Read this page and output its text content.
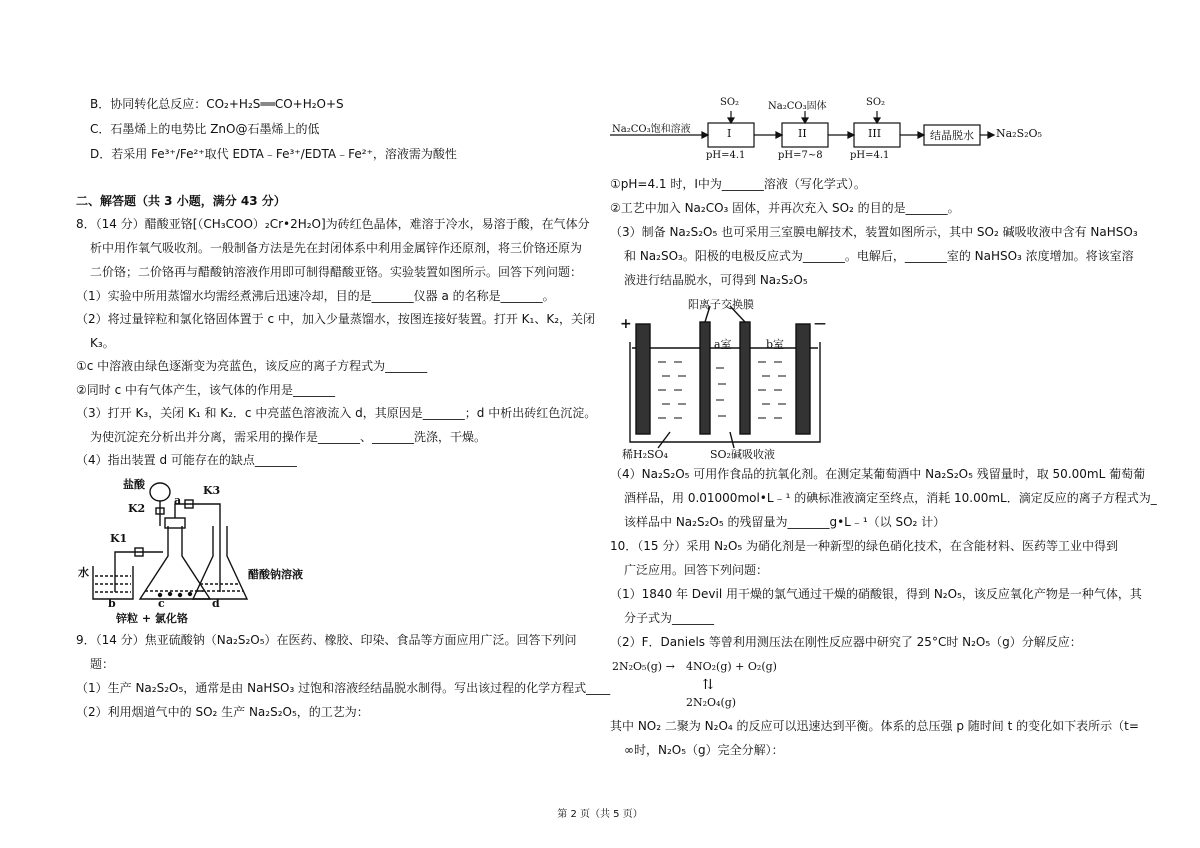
B．协同转化总反应：CO₂+H₂S══CO+H₂O+S
C．石墨烯上的电势比 ZnO@石墨烯上的低
D．若采用 Fe³⁺/Fe²⁺取代 EDTA﹣Fe³⁺/EDTA﹣Fe²⁺，溶液需为酸性
二、解答题（共 3 小题，满分 43 分）
8．（14 分）醋酸亚铬[（CH₃COO）₂Cr•2H₂O]为砖红色晶体，难溶于冷水，易溶于酸，在气体分
析中用作氧气吸收剂。一般制备方法是先在封闭体系中利用金属锌作还原剂，将三价铬还原为
二价铬；二价铬再与醋酸钠溶液作用即可制得醋酸亚铬。实验装置如图所示。回答下列问题：
（1）实验中所用蒸馏水均需经煮沸后迅速冷却，目的是_______仪器 a 的名称是_______。
（2）将过量锌粒和氯化铬固体置于 c 中，加入少量蒸馏水，按图连接好装置。打开 K₁、K₂，关闭
K₃。
①c 中溶液由绿色逐渐变为亮蓝色，该反应的离子方程式为_______
②同时 c 中有气体产生，该气体的作用是_______
（3）打开 K₃，关闭 K₁ 和 K₂．c 中亮蓝色溶液流入 d，其原因是_______；d 中析出砖红色沉淀。
为使沉淀充分析出并分离，需采用的操作是_______、_______洗涤，干燥。
（4）指出装置 d 可能存在的缺点_______
盐酸
a
K3
K2
K1
水	醋酸钠溶液
b	c	d
锌粒 + 氯化铬
9．（14 分）焦亚硫酸钠（Na₂S₂O₅）在医药、橡胶、印染、食品等方面应用广泛。回答下列问
题：
（1）生产 Na₂S₂O₅，通常是由 NaHSO₃ 过饱和溶液经结晶脱水制得。写出该过程的化学方程式____
（2）利用烟道气中的 SO₂ 生产 Na₂S₂O₅，的工艺为：
Na₂CO₃饱和溶液
SO₂	Na₂CO₃固体	SO₂
I	II	III	结晶脱水 Na₂S₂O₅
pH=4.1	pH=7~8	pH=4.1
①pH=4.1 时，Ⅰ中为_______溶液（写化学式）。
②工艺中加入 Na₂CO₃ 固体，并再次充入 SO₂ 的目的是_______。
（3）制备 Na₂S₂O₅ 也可采用三室膜电解技术，装置如图所示，其中 SO₂ 碱吸收液中含有 NaHSO₃
和 Na₂SO₃。阳极的电极反应式为_______。电解后，_______室的 NaHSO₃ 浓度增加。将该室溶
液进行结晶脱水，可得到 Na₂S₂O₅
阳离子交换膜
+	—
a室	b室
稀H₂SO₄	SO₂碱吸收液
（4）Na₂S₂O₅ 可用作食品的抗氧化剂。在测定某葡萄酒中 Na₂S₂O₅ 残留量时，取 50.00mL 葡萄葡
酒样品，用 0.01000mol•L﹣¹ 的碘标准液滴定至终点，消耗 10.00mL．滴定反应的离子方程式为_
该样品中 Na₂S₂O₅ 的残留量为_______g•L﹣¹（以 SO₂ 计）
10．（15 分）采用 N₂O₅ 为硝化剂是一种新型的绿色硝化技术，在含能材料、医药等工业中得到
广泛应用。回答下列问题：
（1）1840 年 Devil 用干燥的氯气通过干燥的硝酸银，得到 N₂O₅，该反应氧化产物是一种气体，其
分子式为_______
（2）F．Daniels 等曾利用测压法在刚性反应器中研究了 25°C时 N₂O₅（g）分解反应：
2N₂O₅(g) → 4NO₂(g) + O₂(g)
⇅
2N₂O₄(g)
其中 NO₂ 二聚为 N₂O₄ 的反应可以迅速达到平衡。体系的总压强 p 随时间 t 的变化如下表所示（t=
∞时，N₂O₅（g）完全分解）：
第 2 页（共 5 页）
